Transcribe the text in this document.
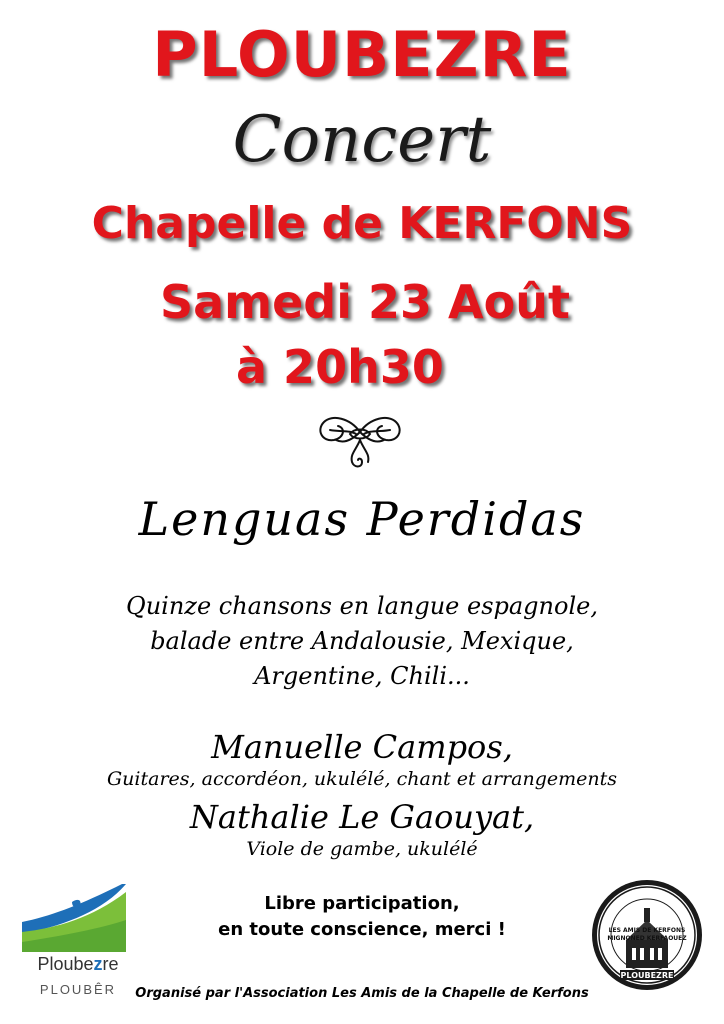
PLOUBEZRE
Concert
Chapelle de KERFONS
Samedi 23 Août
à 20h30
Lenguas Perdidas
Quinze chansons en langue espagnole,
balade entre Andalousie, Mexique,
Argentine, Chili...
Manuelle Campos,
Guitares, accordéon, ukulélé, chant et arrangements
Nathalie Le Gaouyat,
Viole de gambe, ukulélé
Libre participation,
en toute conscience, merci !
Ploubezre
PLOUBÊR
LES AMIS DE KERFONS
MIGNONED KERFAOUEZ
PLOUBEZRE
Organisé par l'Association Les Amis de la Chapelle de Kerfons
